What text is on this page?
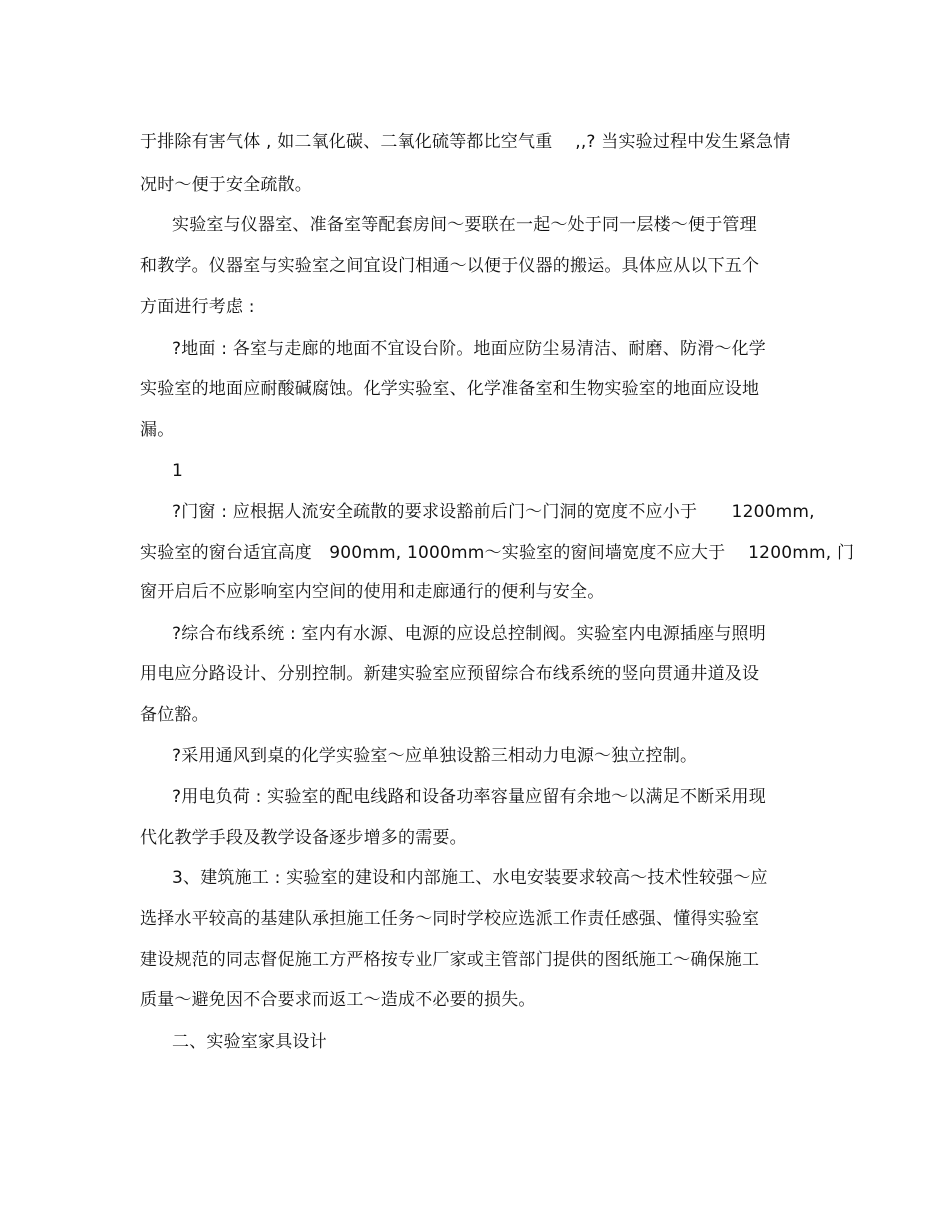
于排除有害气体 , 如二氧化碳、二氧化硫等都比空气重　 ,,? 当实验过程中发生紧急情
况时～便于安全疏散。
实验室与仪器室、准备室等配套房间～要联在一起～处于同一层楼～便于管理
和教学。仪器室与实验室之间宜设门相通～以便于仪器的搬运。具体应从以下五个
方面进行考虑 :
?地面 : 各室与走廊的地面不宜设台阶。地面应防尘易清洁、耐磨、防滑～化学
实验室的地面应耐酸碱腐蚀。化学实验室、化学准备室和生物实验室的地面应设地
漏。
1
?门窗 : 应根据人流安全疏散的要求设豁前后门～门洞的宽度不应小于　　1200mm,
实验室的窗台适宜高度　900mm, 1000mm～实验室的窗间墙宽度不应大于　 1200mm, 门
窗开启后不应影响室内空间的使用和走廊通行的便利与安全。
?综合布线系统 : 室内有水源、电源的应设总控制阀。实验室内电源插座与照明
用电应分路设计、分别控制。新建实验室应预留综合布线系统的竖向贯通井道及设
备位豁。
?采用通风到桌的化学实验室～应单独设豁三相动力电源～独立控制。
?用电负荷 : 实验室的配电线路和设备功率容量应留有余地～以满足不断采用现
代化教学手段及教学设备逐步增多的需要。
3、建筑施工 : 实验室的建设和内部施工、水电安装要求较高～技术性较强～应
选择水平较高的基建队承担施工任务～同时学校应选派工作责任感强、懂得实验室
建设规范的同志督促施工方严格按专业厂家或主管部门提供的图纸施工～确保施工
质量～避免因不合要求而返工～造成不必要的损失。
二、实验室家具设计
